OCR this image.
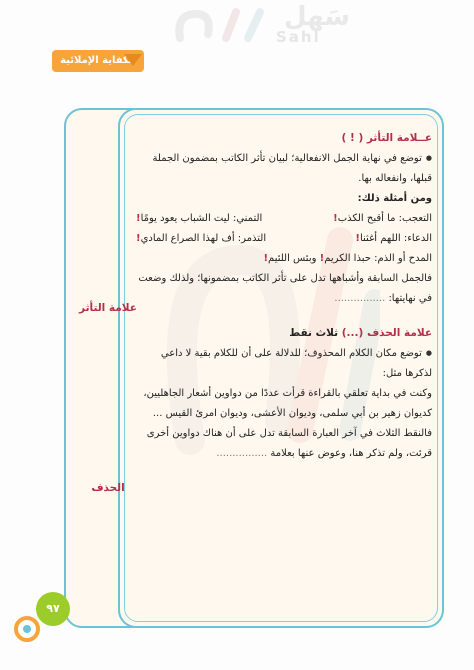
سَهل
Sahl
الكفاية الإملائية
علامة التأثر
الحذف

عــلامة التأثر ( ! )

● توضع في نهاية الجمل الانفعالية؛ لبيان تأثر الكاتب بمضمون الجملة قبلها، وانفعاله بها.

ومن أمثلة ذلك:

التعجب: ما أقبح الكذب!
التمني: ليت الشباب يعود يومًا!
الدعاء: اللهم أغثنا!
التذمر: أف لهذا الصراع المادي!

المدح أو الذم: حبذا الكريم! وبئس اللئيم!

فالجمل السابقة وأشباهها تدل على تأثر الكاتب بمضمونها؛ ولذلك وضعت في نهايتها: ................

علامة الحذف (...) ثلاث نقط

● توضع مكان الكلام المحذوف؛ للدلالة على أن للكلام بقية لا داعي لذكرها مثل:

وكنت في بداية تعلقي بالقراءة قرأت عددًا من دواوين أشعار الجاهليين، كديوان زهير بن أبي سلمى، وديوان الأعشى، وديوان امرئ القيس ...

فالنقط الثلاث في آخر العبارة السابقة تدل على أن هناك دواوين أخرى قرئت، ولم تذكر هنا، وعوض عنها بعلامة ................

٩٧
